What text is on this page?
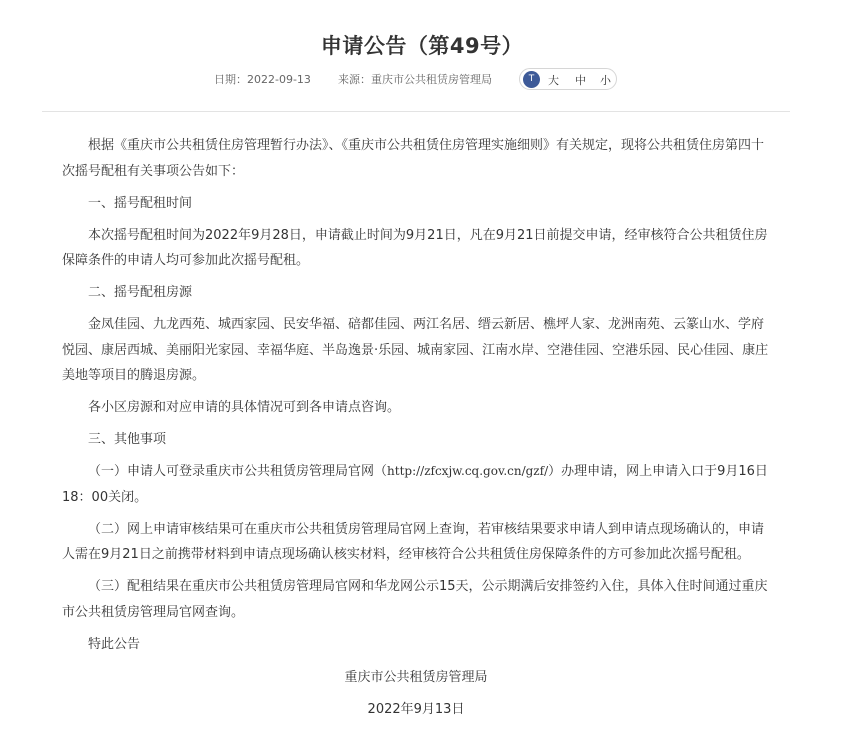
申请公告（第49号）
日期：2022-09-13 来源：重庆市公共租赁房管理局	T	大 中 小

根据《重庆市公共租赁住房管理暂行办法》、《重庆市公共租赁住房管理实施细则》有关规定，现将公共租赁住房第四十次摇号配租有关事项公告如下：

一、摇号配租时间

本次摇号配租时间为2022年9月28日，申请截止时间为9月21日，凡在9月21日前提交申请，经审核符合公共租赁住房保障条件的申请人均可参加此次摇号配租。

二、摇号配租房源

金凤佳园、九龙西苑、城西家园、民安华福、碚都佳园、两江名居、缙云新居、樵坪人家、龙洲南苑、云篆山水、学府悦园、康居西城、美丽阳光家园、幸福华庭、半岛逸景·乐园、城南家园、江南水岸、空港佳园、空港乐园、民心佳园、康庄美地等项目的腾退房源。

各小区房源和对应申请的具体情况可到各申请点咨询。

三、其他事项

（一）申请人可登录重庆市公共租赁房管理局官网（http://zfcxjw.cq.gov.cn/gzf/）办理申请，网上申请入口于9月16日18：00关闭。

（二）网上申请审核结果可在重庆市公共租赁房管理局官网上查询，若审核结果要求申请人到申请点现场确认的，申请人需在9月21日之前携带材料到申请点现场确认核实材料，经审核符合公共租赁住房保障条件的方可参加此次摇号配租。

（三）配租结果在重庆市公共租赁房管理局官网和华龙网公示15天，公示期满后安排签约入住，具体入住时间通过重庆市公共租赁房管理局官网查询。

特此公告

重庆市公共租赁房管理局

2022年9月13日
